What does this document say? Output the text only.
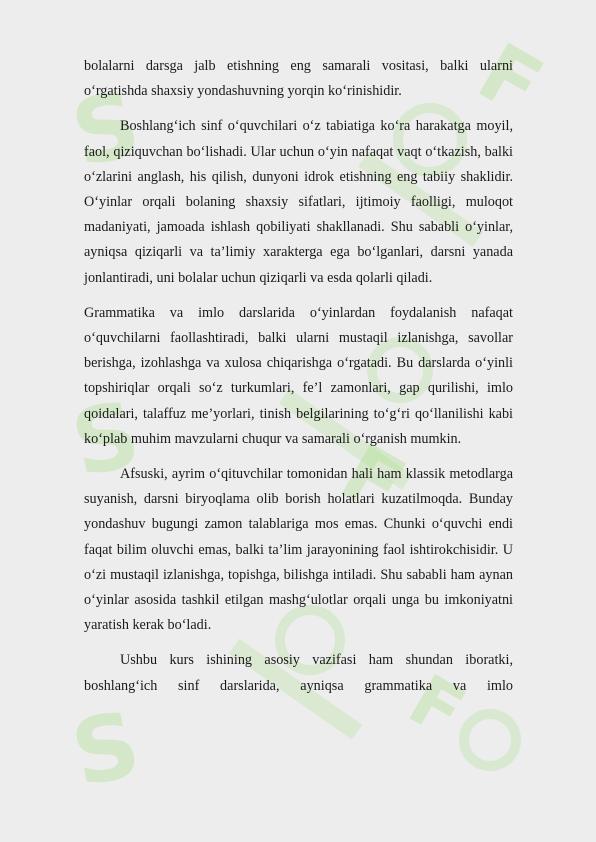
S
S
S
F
F
F

bolalarni darsga jalb etishning eng samarali vositasi, balki ularni o‘rgatishda shaxsiy yondashuvning yorqin ko‘rinishidir.

Boshlang‘ich sinf o‘quvchilari o‘z tabiatiga ko‘ra harakatga moyil, faol, qiziquvchan bo‘lishadi. Ular uchun o‘yin nafaqat vaqt o‘tkazish, balki o‘zlarini anglash, his qilish, dunyoni idrok etishning eng tabiiy shaklidir. O‘yinlar orqali bolaning shaxsiy sifatlari, ijtimoiy faolligi, muloqot madaniyati, jamoada ishlash qobiliyati shakllanadi. Shu sababli o‘yinlar, ayniqsa qiziqarli va ta’limiy xarakterga ega bo‘lganlari, darsni yanada jonlantiradi, uni bolalar uchun qiziqarli va esda qolarli qiladi.

Grammatika va imlo darslarida o‘yinlardan foydalanish nafaqat o‘quvchilarni faollashtiradi, balki ularni mustaqil izlanishga, savollar berishga, izohlashga va xulosa chiqarishga o‘rgatadi. Bu darslarda o‘yinli topshiriqlar orqali so‘z turkumlari, fe’l zamonlari, gap qurilishi, imlo qoidalari, talaffuz me’yorlari, tinish belgilarining to‘g‘ri qo‘llanilishi kabi ko‘plab muhim mavzularni chuqur va samarali o‘rganish mumkin.

Afsuski, ayrim o‘qituvchilar tomonidan hali ham klassik metodlarga suyanish, darsni biryoqlama olib borish holatlari kuzatilmoqda. Bunday yondashuv bugungi zamon talablariga mos emas. Chunki o‘quvchi endi faqat bilim oluvchi emas, balki ta’lim jarayonining faol ishtirokchisidir. U o‘zi mustaqil izlanishga, topishga, bilishga intiladi. Shu sababli ham aynan o‘yinlar asosida tashkil etilgan mashg‘ulotlar orqali unga bu imkoniyatni yaratish kerak bo‘ladi.

Ushbu kurs ishining asosiy vazifasi ham shundan iboratki, boshlang‘ich sinf darslarida, ayniqsa grammatika va imlo
